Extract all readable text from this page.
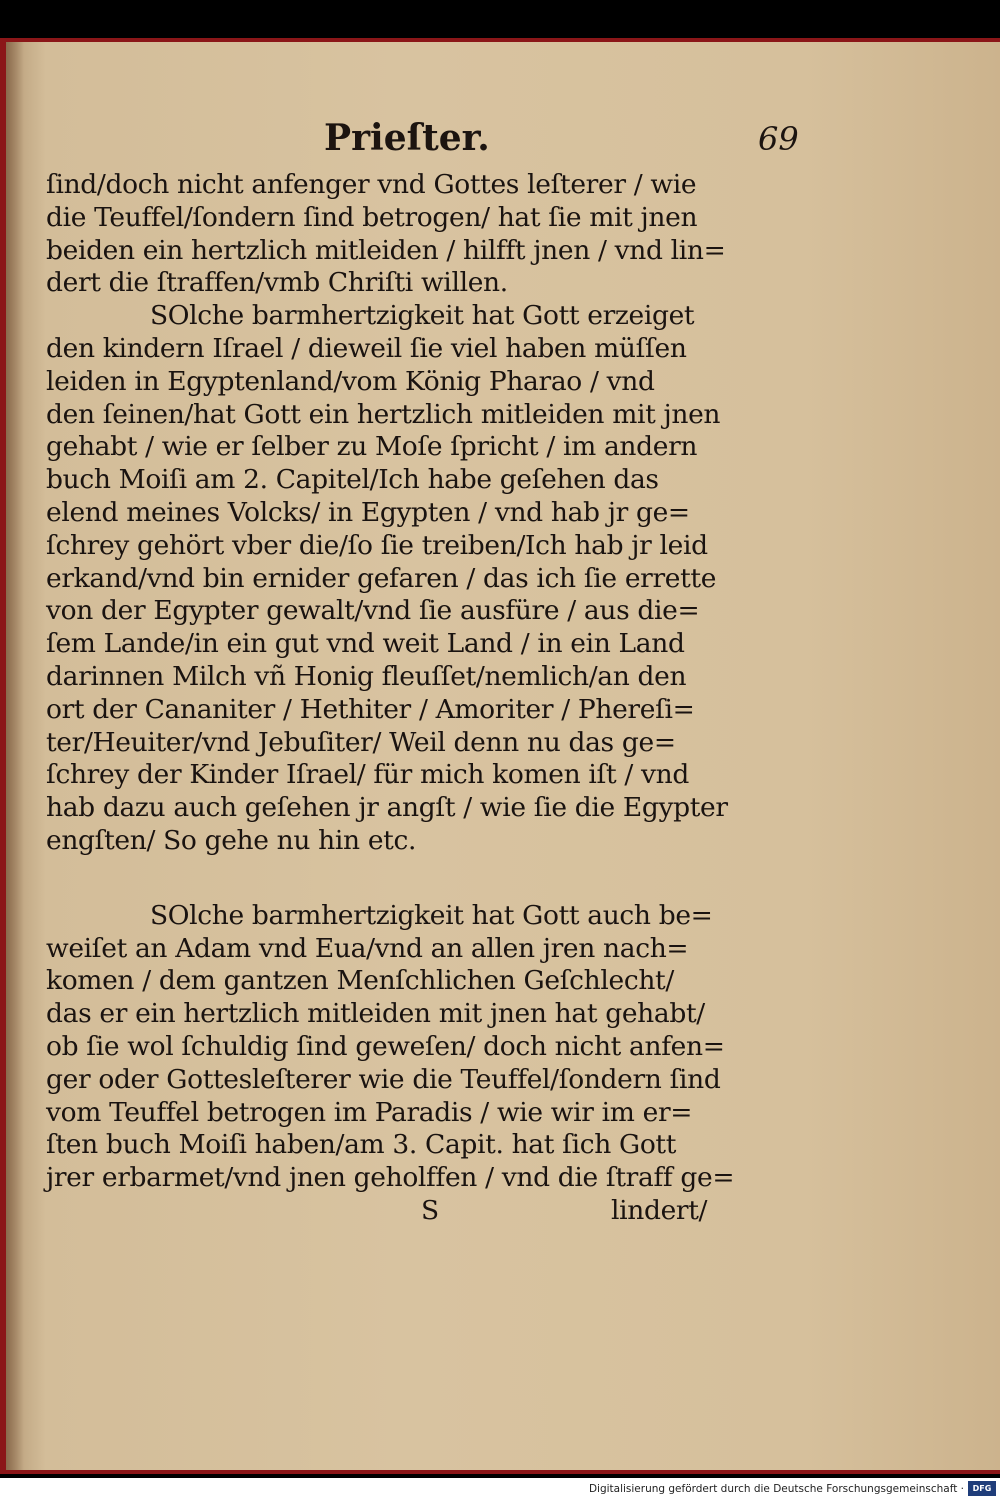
Prieſter.	69
ſind/doch nicht anfenger vnd Gottes leſterer / wie
die Teuffel/ſondern ſind betrogen/ hat ſie mit jnen
beiden ein hertzlich mitleiden / hilfft jnen / vnd lin=
dert die ſtraffen/vmb Chriſti willen.
SOlche barmhertzigkeit hat Gott erzeiget
den kindern Iſrael / dieweil ſie viel haben müſſen
leiden in Egyptenland/vom König Pharao / vnd
den ſeinen/hat Gott ein hertzlich mitleiden mit jnen
gehabt / wie er ſelber zu Moſe ſpricht / im andern
buch Moiſi am 2. Capitel/Ich habe geſehen das
elend meines Volcks/ in Egypten / vnd hab jr ge=
ſchrey gehört vber die/ſo ſie treiben/Ich hab jr leid
erkand/vnd bin ernider gefaren / das ich ſie errette
von der Egypter gewalt/vnd ſie ausfüre / aus die=
ſem Lande/in ein gut vnd weit Land / in ein Land
darinnen Milch vñ Honig fleuſſet/nemlich/an den
ort der Cananiter / Hethiter / Amoriter / Phereſi=
ter/Heuiter/vnd Jebuſiter/ Weil denn nu das ge=
ſchrey der Kinder Iſrael/ für mich komen iſt / vnd
hab dazu auch geſehen jr angſt / wie ſie die Egypter
engſten/ So gehe nu hin etc.
SOlche barmhertzigkeit hat Gott auch be=
weiſet an Adam vnd Eua/vnd an allen jren nach=
komen / dem gantzen Menſchlichen Geſchlecht/
das er ein hertzlich mitleiden mit jnen hat gehabt/
ob ſie wol ſchuldig ſind geweſen/ doch nicht anfen=
ger oder Gottesleſterer wie die Teuffel/ſondern ſind
vom Teuffel betrogen im Paradis / wie wir im er=
ſten buch Moiſi haben/am 3. Capit. hat ſich Gott
jrer erbarmet/vnd jnen geholffen / vnd die ſtraff ge=
S	lindert/
Digitalisierung gefördert durch die Deutsche Forschungsgemeinschaft ·	DFG
